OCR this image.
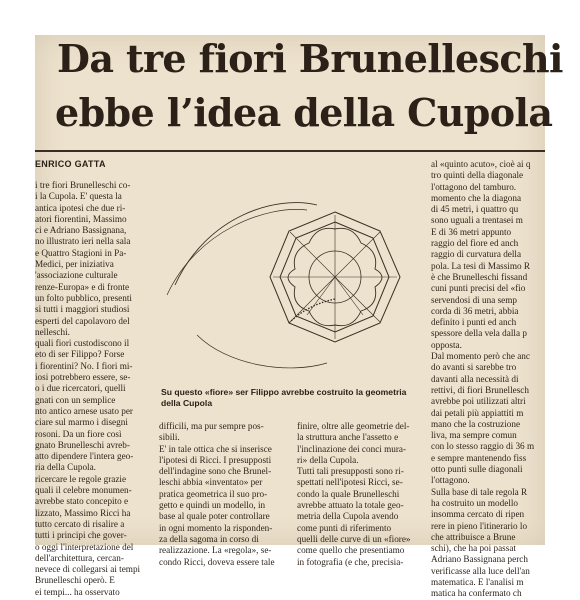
Da tre fiori Brunelleschi
ebbe l’idea della Cupola
ENRICO GATTA
i tre fiori Brunelleschi co-
i la Cupola. E' questa la
antica ipotesi che due ri-
atori fiorentini, Massimo
ci e Adriano Bassignana,
no illustrato ieri nella sala
e Quattro Stagioni in Pa-
Medici, per iniziativa
'associazione culturale
renze-Europa» e di fronte
un folto pubblico, presenti
si tutti i maggiori studiosi
esperti del capolavoro del
nelleschi.
quali fiori custodiscono il
eto di ser Filippo? Forse
i fiorentini? No. I fiori mi-
iosi potrebbero essere, se-
o i due ricercatori, quelli
gnati con un semplice
nto antico arnese usato per
ciare sul marmo i disegni
rosoni. Da un fiore così
gnato Brunelleschi avreb-
atto dipendere l'intera geo-
ria della Cupola.
ricercare le regole grazie
quali il celebre monumen-
avrebbe stato concepito e
lizzato, Massimo Ricci ha
tutto cercato di risalire a
tutti i principi che gover-
o oggi l'interpretazione del
dell'architettura, cercan-
nevece di collegarsi ai tempi
Brunelleschi operò. E
ei tempi... ha osservato
Su questo «fiore» ser Filippo avrebbe costruito la geometria della Cupola
difficili, ma pur sempre pos-
sibili.
E' in tale ottica che si inserisce
l'ipotesi di Ricci. I presupposti
dell'indagine sono che Brunel-
leschi abbia «inventato» per
pratica geometrica il suo pro-
getto e quindi un modello, in
base al quale poter controllare
in ogni momento la risponden-
za della sagoma in corso di
realizzazione. La «regola», se-
condo Ricci, doveva essere tale
finire, oltre alle geometrie del-
la struttura anche l'assetto e
l'inclinazione dei conci mura-
ri» della Cupola.
Tutti tali presupposti sono ri-
spettati nell'ipotesi Ricci, se-
condo la quale Brunelleschi
avrebbe attuato la totale geo-
metria della Cupola avendo
come punti di riferimento
quelli delle curve di un «fiore»
come quello che presentiamo
in fotografia (e che, precisia-
al «quinto acuto», cioè ai q
tro quinti della diagonale
l'ottagono del tamburo.
momento che la diagona
di 45 metri, i quattro qu
sono uguali a trentasei m
E di 36 metri appunto
raggio del fiore ed anch
raggio di curvatura della
pola. La tesi di Massimo R
è che Brunelleschi fissand
cuni punti precisi del «fio
servendosi di una semp
corda di 36 metri, abbia
definito i punti ed anch
spessore della vela dalla p
opposta.
Dal momento però che anc
do avanti si sarebbe tro
davanti alla necessità di
rettivi, di fiori Brunellesch
avrebbe poi utilizzati altri
dai petali più appiattiti m
mano che la costruzione
liva, ma sempre comun
con lo stesso raggio di 36 m
e sempre mantenendo fiss
otto punti sulle diagonali
l'ottagono.
Sulla base di tale regola R
ha costruito un modello
insomma cercato di ripen
rere in pieno l'itinerario lo
che attribuisce a Brune
schi), che ha poi passat
Adriano Bassignana perch
verificasse alla luce dell'an
matematica. E l'analisi m
matica ha confermato ch
